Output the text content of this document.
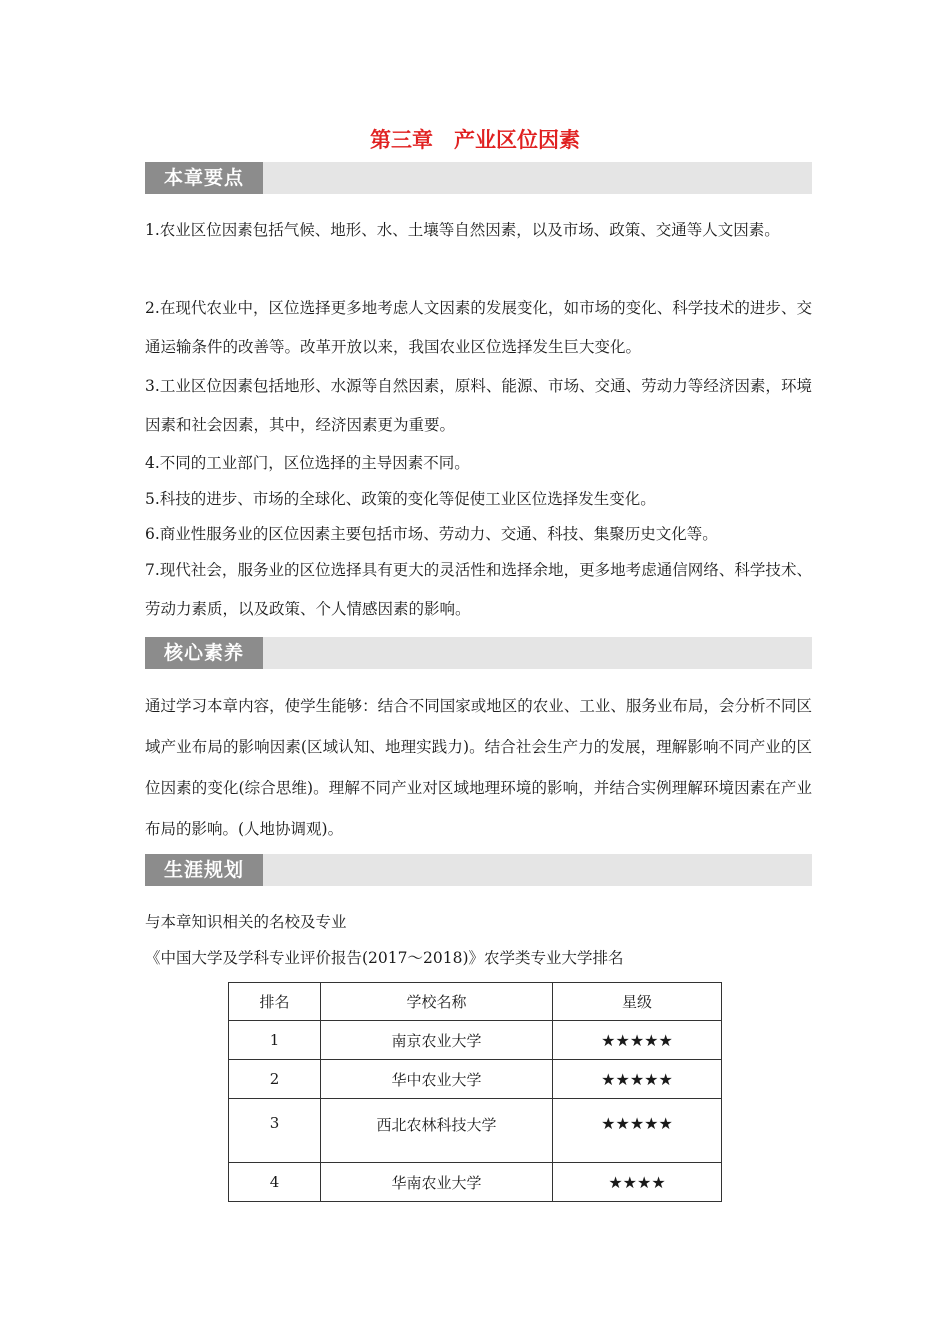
第三章　产业区位因素
本章要点
1.农业区位因素包括气候、地形、水、土壤等自然因素，以及市场、政策、交通等人文因素。
2.在现代农业中，区位选择更多地考虑人文因素的发展变化，如市场的变化、科学技术的进步、交通运输条件的改善等。改革开放以来，我国农业区位选择发生巨大变化。
3.工业区位因素包括地形、水源等自然因素，原料、能源、市场、交通、劳动力等经济因素，环境因素和社会因素，其中，经济因素更为重要。
4.不同的工业部门，区位选择的主导因素不同。
5.科技的进步、市场的全球化、政策的变化等促使工业区位选择发生变化。
6.商业性服务业的区位因素主要包括市场、劳动力、交通、科技、集聚历史文化等。
7.现代社会，服务业的区位选择具有更大的灵活性和选择余地，更多地考虑通信网络、科学技术、劳动力素质，以及政策、个人情感因素的影响。
核心素养
通过学习本章内容，使学生能够：结合不同国家或地区的农业、工业、服务业布局，会分析不同区域产业布局的影响因素(区域认知、地理实践力)。结合社会生产力的发展，理解影响不同产业的区位因素的变化(综合思维)。理解不同产业对区域地理环境的影响，并结合实例理解环境因素在产业布局的影响。(人地协调观)。
生涯规划
与本章知识相关的名校及专业
《中国大学及学科专业评价报告(2017～2018)》农学类专业大学排名
排名	学校名称	星级
1	南京农业大学	★★★★★
2	华中农业大学	★★★★★
3	西北农林科技大学	★★★★★
4	华南农业大学	★★★★
